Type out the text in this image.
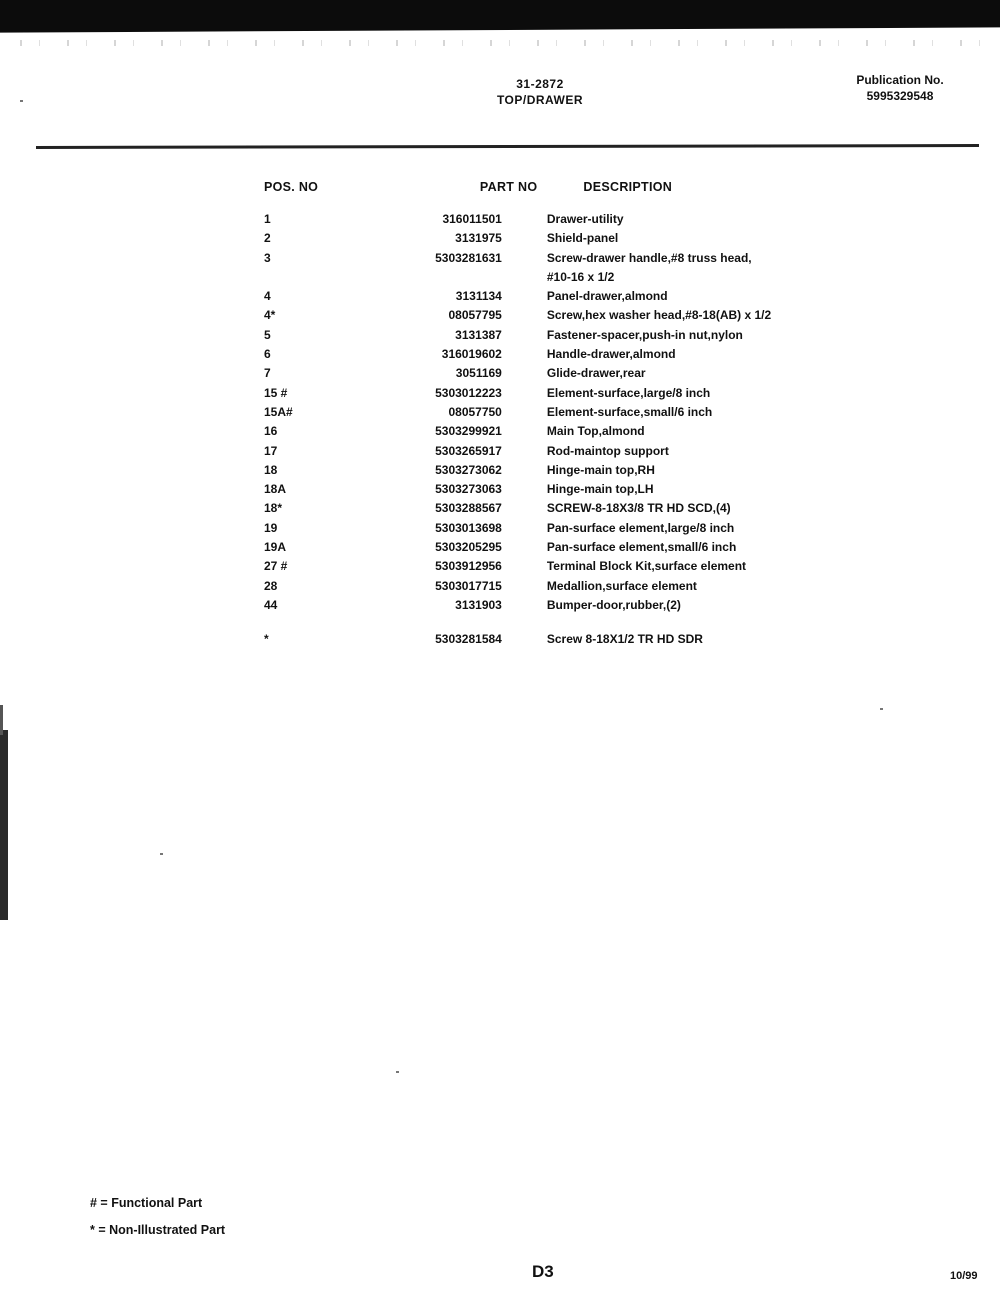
31-2872
TOP/DRAWER
Publication No.
5995329548
POS. NO	PART NO	DESCRIPTION
1	316011501	Drawer-utility
2	3131975	Shield-panel
3	5303281631	Screw-drawer handle,#8 truss head,
#10-16 x 1/2
4	3131134	Panel-drawer,almond
4*	08057795	Screw,hex washer head,#8-18(AB) x 1/2
5	3131387	Fastener-spacer,push-in nut,nylon
6	316019602	Handle-drawer,almond
7	3051169	Glide-drawer,rear
15 #	5303012223	Element-surface,large/8 inch
15A#	08057750	Element-surface,small/6 inch
16	5303299921	Main Top,almond
17	5303265917	Rod-maintop support
18	5303273062	Hinge-main top,RH
18A	5303273063	Hinge-main top,LH
18*	5303288567	SCREW-8-18X3/8 TR HD SCD,(4)
19	5303013698	Pan-surface element,large/8 inch
19A	5303205295	Pan-surface element,small/6 inch
27 #	5303912956	Terminal Block Kit,surface element
28	5303017715	Medallion,surface element
44	3131903	Bumper-door,rubber,(2)
*	5303281584	Screw 8-18X1/2 TR HD SDR
# = Functional Part
* = Non-Illustrated Part
D3	10/99
